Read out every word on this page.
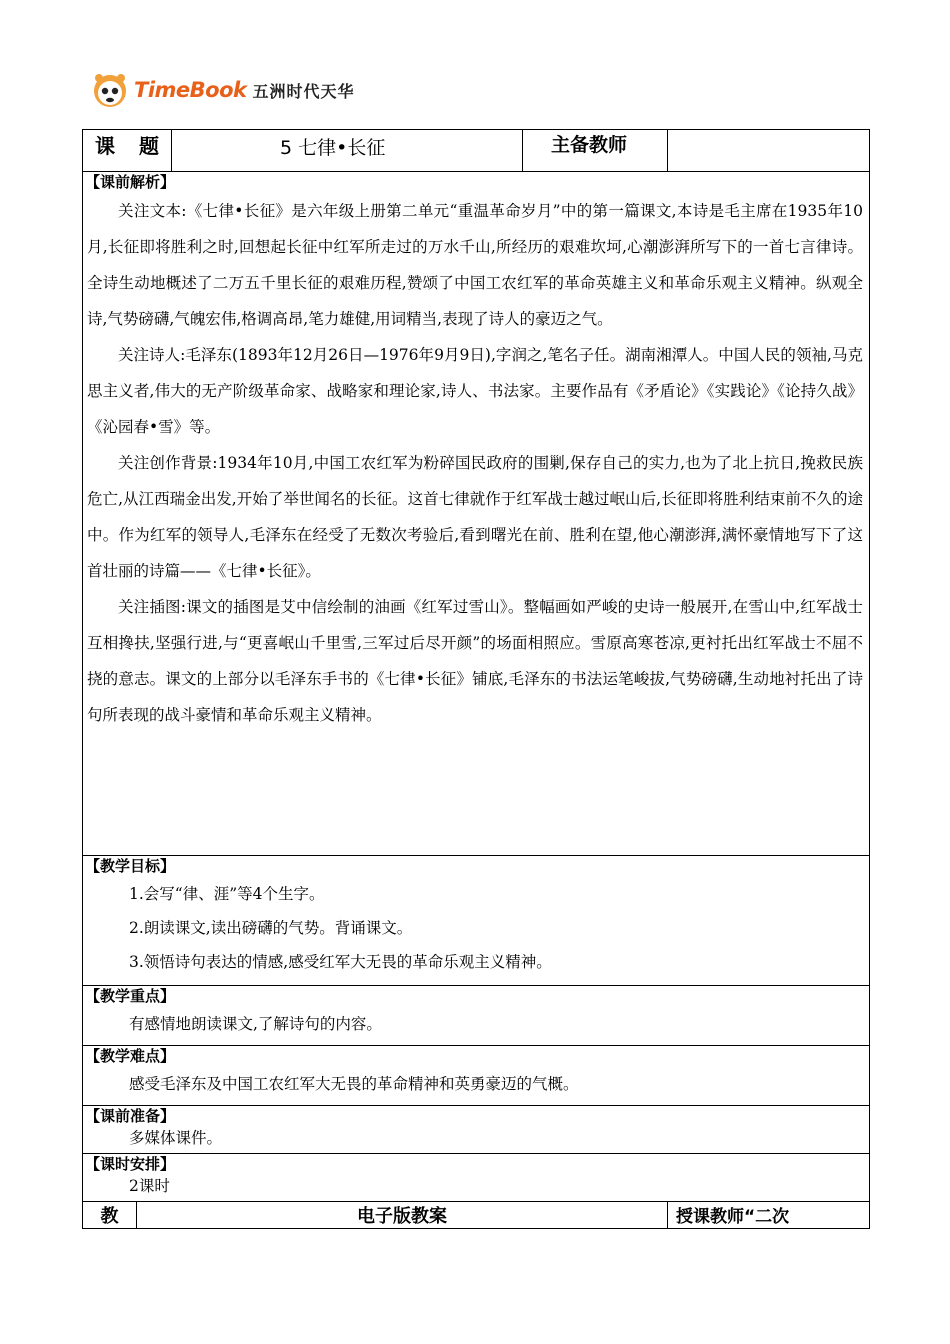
TimeBook 五洲时代天华
课　题		5 七律•长征	主备教师	

【课前解析】

关注文本:《七律•长征》是六年级上册第二单元“重温革命岁月”中的第一篇课文,本诗是毛主席在1935年10月,长征即将胜利之时,回想起长征中红军所走过的万水千山,所经历的艰难坎坷,心潮澎湃所写下的一首七言律诗。全诗生动地概述了二万五千里长征的艰难历程,赞颂了中国工农红军的革命英雄主义和革命乐观主义精神。纵观全诗,气势磅礴,气魄宏伟,格调高昂,笔力雄健,用词精当,表现了诗人的豪迈之气。

关注诗人:毛泽东(1893年12月26日—1976年9月9日),字润之,笔名子任。湖南湘潭人。中国人民的领袖,马克思主义者,伟大的无产阶级革命家、战略家和理论家,诗人、书法家。主要作品有《矛盾论》《实践论》《论持久战》《沁园春•雪》等。

关注创作背景:1934年10月,中国工农红军为粉碎国民政府的围剿,保存自己的实力,也为了北上抗日,挽救民族危亡,从江西瑞金出发,开始了举世闻名的长征。这首七律就作于红军战士越过岷山后,长征即将胜利结束前不久的途中。作为红军的领导人,毛泽东在经受了无数次考验后,看到曙光在前、胜利在望,他心潮澎湃,满怀豪情地写下了这首壮丽的诗篇——《七律•长征》。

关注插图:课文的插图是艾中信绘制的油画《红军过雪山》。整幅画如严峻的史诗一般展开,在雪山中,红军战士互相搀扶,坚强行进,与“更喜岷山千里雪,三军过后尽开颜”的场面相照应。雪原高寒苍凉,更衬托出红军战士不屈不挠的意志。课文的上部分以毛泽东手书的《七律•长征》铺底,毛泽东的书法运笔峻拔,气势磅礴,生动地衬托出了诗句所表现的战斗豪情和革命乐观主义精神。				

【教学目标】

1.会写“律、涯”等4个生字。

2.朗读课文,读出磅礴的气势。背诵课文。

3.领悟诗句表达的情感,感受红军大无畏的革命乐观主义精神。				

【教学重点】

有感情地朗读课文,了解诗句的内容。				

【教学难点】

感受毛泽东及中国工农红军大无畏的革命精神和英勇豪迈的气概。				

【课前准备】

多媒体课件。				

【课时安排】

2课时				

教	电子版教案			授课教师“二次
